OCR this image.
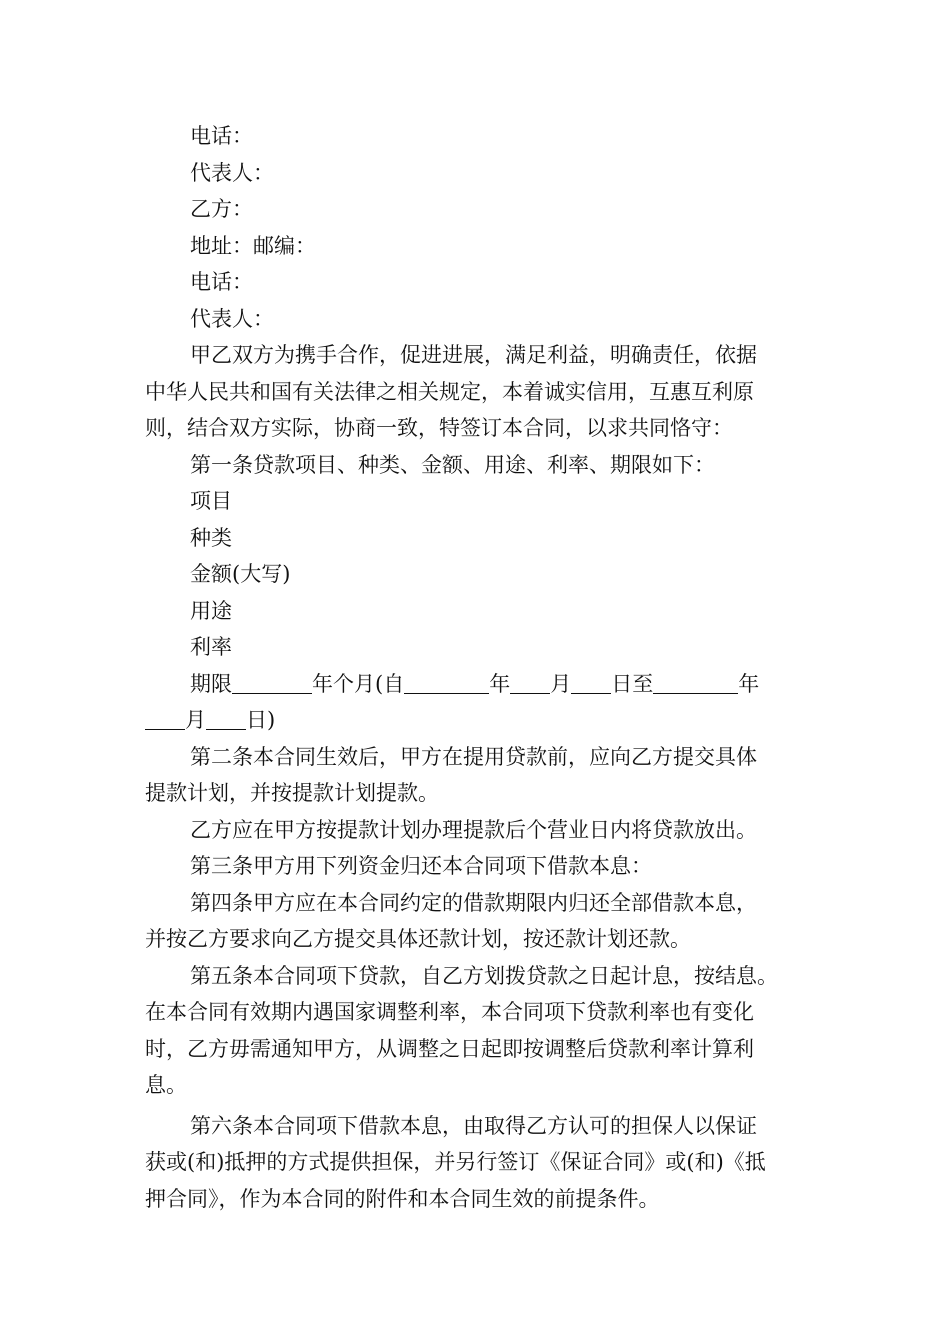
电话：
代表人：
乙方：
地址：邮编：
电话：
代表人：
甲乙双方为携手合作，促进进展，满足利益，明确责任，依据
中华人民共和国有关法律之相关规定，本着诚实信用，互惠互利原
则，结合双方实际，协商一致，特签订本合同，以求共同恪守：
第一条贷款项目、种类、金额、用途、利率、期限如下：
项目
种类
金额(大写)
用途
利率
期限	年个月(自	年 月 日至	年
月 日)
第二条本合同生效后，甲方在提用贷款前，应向乙方提交具体
提款计划，并按提款计划提款。
乙方应在甲方按提款计划办理提款后个营业日内将贷款放出。
第三条甲方用下列资金归还本合同项下借款本息：
第四条甲方应在本合同约定的借款期限内归还全部借款本息，
并按乙方要求向乙方提交具体还款计划，按还款计划还款。
第五条本合同项下贷款，自乙方划拨贷款之日起计息，按结息。
在本合同有效期内遇国家调整利率，本合同项下贷款利率也有变化
时，乙方毋需通知甲方，从调整之日起即按调整后贷款利率计算利
息。
第六条本合同项下借款本息，由取得乙方认可的担保人以保证
获或(和)抵押的方式提供担保，并另行签订《保证合同》或(和)《抵
押合同》，作为本合同的附件和本合同生效的前提条件。
